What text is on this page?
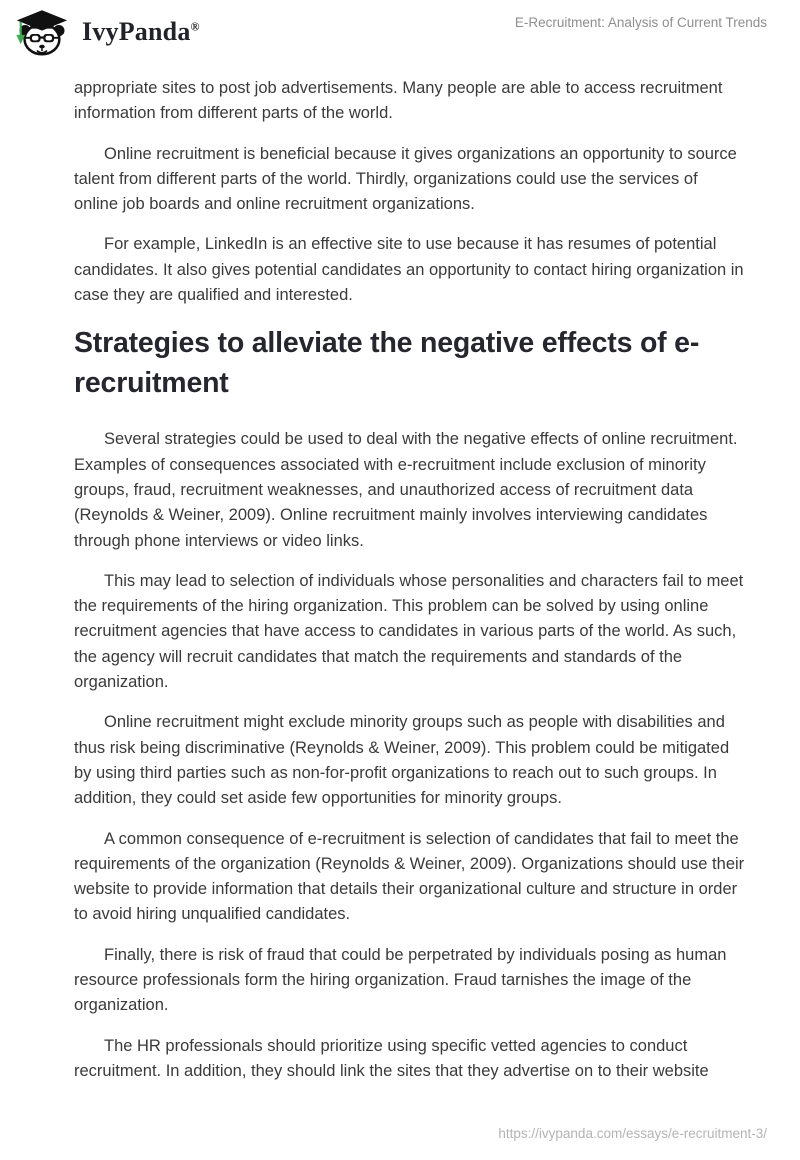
IvyPanda®	E-Recruitment: Analysis of Current Trends

appropriate sites to post job advertisements. Many people are able to access recruitment information from different parts of the world.

Online recruitment is beneficial because it gives organizations an opportunity to source talent from different parts of the world. Thirdly, organizations could use the services of online job boards and online recruitment organizations.

For example, LinkedIn is an effective site to use because it has resumes of potential candidates. It also gives potential candidates an opportunity to contact hiring organization in case they are qualified and interested.

Strategies to alleviate the negative effects of e-recruitment

Several strategies could be used to deal with the negative effects of online recruitment. Examples of consequences associated with e-recruitment include exclusion of minority groups, fraud, recruitment weaknesses, and unauthorized access of recruitment data (Reynolds & Weiner, 2009). Online recruitment mainly involves interviewing candidates through phone interviews or video links.

This may lead to selection of individuals whose personalities and characters fail to meet the requirements of the hiring organization. This problem can be solved by using online recruitment agencies that have access to candidates in various parts of the world. As such, the agency will recruit candidates that match the requirements and standards of the organization.

Online recruitment might exclude minority groups such as people with disabilities and thus risk being discriminative (Reynolds & Weiner, 2009). This problem could be mitigated by using third parties such as non-for-profit organizations to reach out to such groups. In addition, they could set aside few opportunities for minority groups.

A common consequence of e-recruitment is selection of candidates that fail to meet the requirements of the organization (Reynolds & Weiner, 2009). Organizations should use their website to provide information that details their organizational culture and structure in order to avoid hiring unqualified candidates.

Finally, there is risk of fraud that could be perpetrated by individuals posing as human resource professionals form the hiring organization. Fraud tarnishes the image of the organization.

The HR professionals should prioritize using specific vetted agencies to conduct recruitment. In addition, they should link the sites that they advertise on to their website

https://ivypanda.com/essays/e-recruitment-3/
